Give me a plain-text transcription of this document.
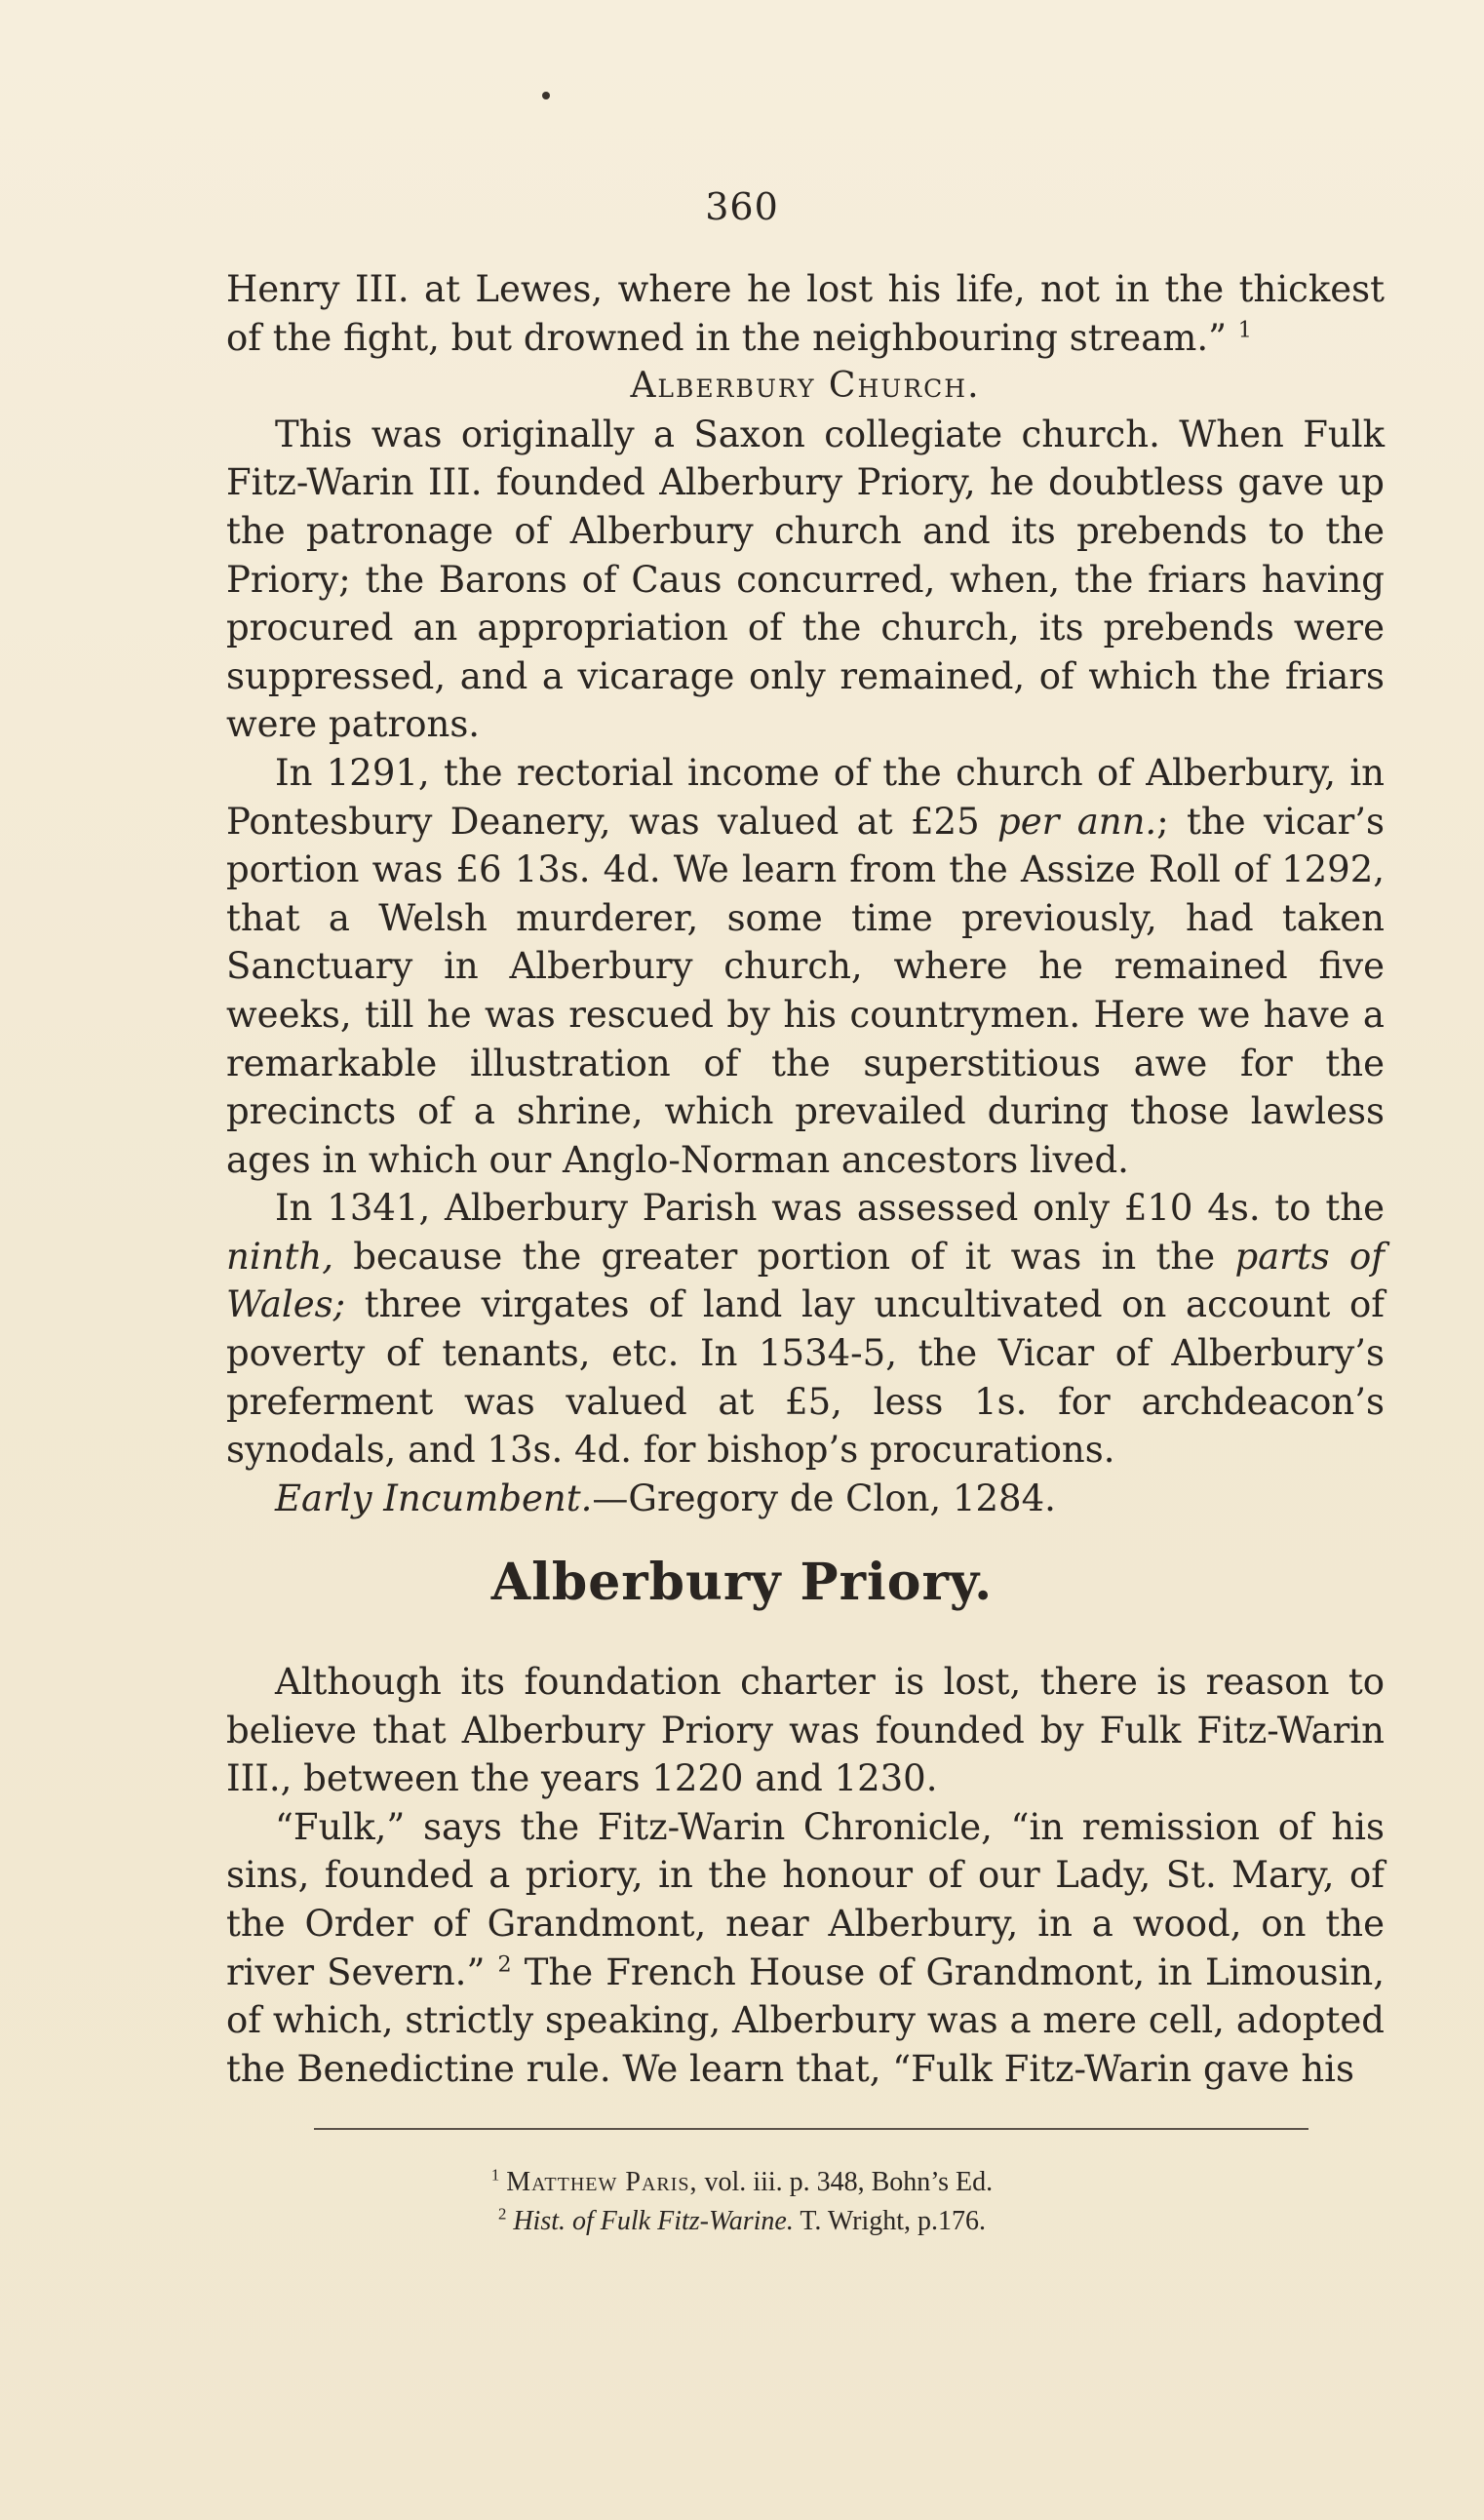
360

Henry III. at Lewes, where he lost his life, not in the thickest of the fight, but drowned in the neighbouring stream.” $^1$

Alberbury Church.

This was originally a Saxon collegiate church. When Fulk Fitz-Warin III. founded Alberbury Priory, he doubtless gave up the patronage of Alberbury church and its prebends to the Priory; the Barons of Caus concurred, when, the friars having procured an appropriation of the church, its prebends were suppressed, and a vicarage only remained, of which the friars were patrons.

In 1291, the rectorial income of the church of Alberbury, in Pontesbury Deanery, was valued at £25 per ann.; the vicar’s portion was £6 13s. 4d. We learn from the Assize Roll of 1292, that a Welsh murderer, some time previously, had taken Sanctuary in Alberbury church, where he remained five weeks, till he was rescued by his countrymen. Here we have a remarkable illustration of the superstitious awe for the precincts of a shrine, which prevailed during those lawless ages in which our Anglo-Norman ancestors lived.

In 1341, Alberbury Parish was assessed only £10 4s. to the ninth, because the greater portion of it was in the parts of Wales; three virgates of land lay uncultivated on account of poverty of tenants, etc. In 1534-5, the Vicar of Alberbury’s preferment was valued at £5, less 1s. for archdeacon’s synodals, and 13s. 4d. for bishop’s procurations.

Early Incumbent.—Gregory de Clon, 1284.

Alberbury Priory.

Although its foundation charter is lost, there is reason to believe that Alberbury Priory was founded by Fulk Fitz-Warin III., between the years 1220 and 1230.

“Fulk,” says the Fitz-Warin Chronicle, “in remission of his sins, founded a priory, in the honour of our Lady, St. Mary, of the Order of Grandmont, near Alberbury, in a wood, on the river Severn.” $^2$ The French House of Grandmont, in Limousin, of which, strictly speaking, Alberbury was a mere cell, adopted the Benedictine rule. We learn that, “Fulk Fitz-Warin gave his

$^1$ Matthew Paris, vol. iii. p. 348, Bohn’s Ed.

$^2$ Hist. of Fulk Fitz-Warine. T. Wright, p.176.
